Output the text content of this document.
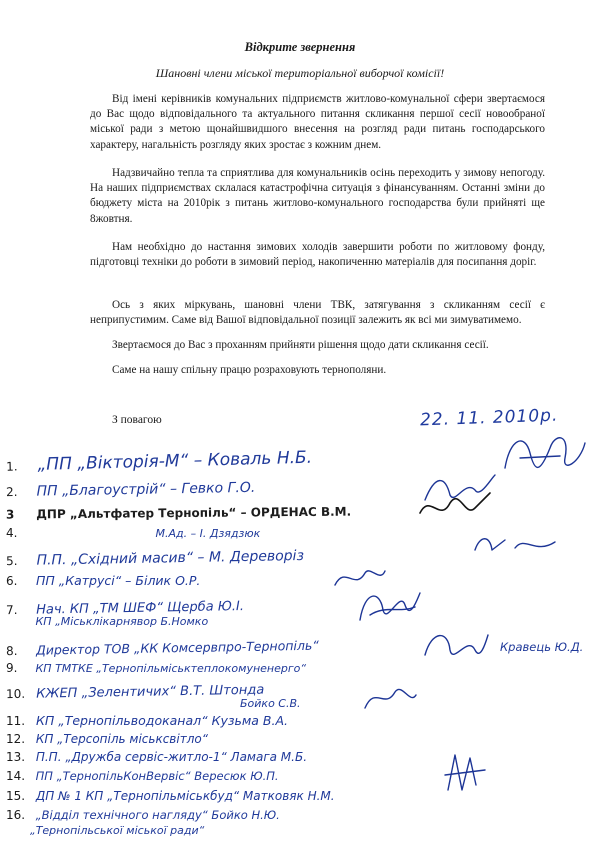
Відкрите звернення
Шановні члени міської територіальної виборчої комісії!

Від імені керівників комунальних підприємств житлово-комунальної сфери звертаємося до Вас щодо відповідального та актуального питання скликання першої сесії новообраної міської ради з метою щонайшвидшого внесення на розгляд ради питань господарського характеру, нагальність розгляду яких зростає з кожним днем.

Надзвичайно тепла та сприятлива для комунальників осінь переходить у зимову непогоду. На наших підприємствах склалася катастрофічна ситуація з фінансуванням. Останні зміни до бюджету міста на 2010рік з питань житлово-комунального господарства були прийняті ще 8жовтня.

Нам необхідно до настання зимових холодів завершити роботи по житловому фонду, підготовці техніки до роботи в зимовий період, накопиченню матеріалів для посипання доріг.

Ось з яких міркувань, шановні члени ТВК, затягування з скликанням сесії є неприпустимим. Саме від Вашої відповідальної позиції залежить як всі ми зимуватимемо.

Звертаємося до Вас з проханням прийняти рішення щодо дати скликання сесії.

Саме на нашу спільну працю розраховують тернополяни.

З повагою	22. 11. 2010р.
1. „ПП „Вікторія-М“ – Коваль Н.Б.
2. ПП „Благоустрій“ – Гевко Г.О.
3 ДПР „Альтфатер Тернопіль“ – ОРДЕНАС В.М.
4.	М.Ад. – І. Дзядзюк
5. П.П. „Східний масив“ – М. Дереворіз
6. ПП „Катрусі“ – Білик О.Р.
7. Нач. КП „ТМ ШЕФ“ Щерба Ю.І.
КП „Міськлікарнявор Б.Номко
8. Директор ТОВ „КК Комсервпро-Тернопіль“	Кравець Ю.Д.
9. КП ТМТКЕ „Тернопільміськтеплокомуненерго“
10. КЖЕП „Зелентичих“ В.Т. Штонда
Бойко С.В.
11. КП „Тернопільводоканал“ Кузьма В.А.
12. КП „Терсопіль міськсвітло“
13. П.П. „Дружба сервіс-житло-1“ Ламага М.Б.
14. ПП „ТернопільКонВервіс“ Вересюк Ю.П.
15. ДП № 1 КП „Тернопільміськбуд“ Матковяк Н.М.
16. „Відділ технічного нагляду“ Бойко Н.Ю.
„Тернопільської міської ради“
